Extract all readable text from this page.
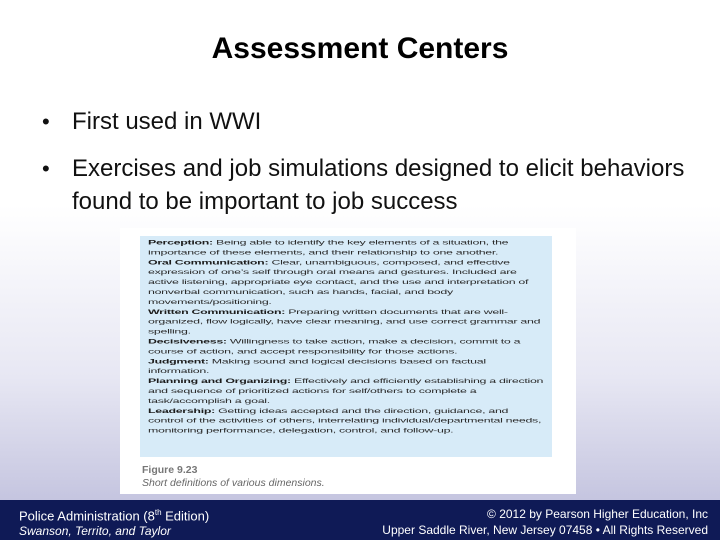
Assessment Centers
• First used in WWI
• Exercises and job simulations designed to elicit behaviors found to be important to job success
Perception: Being able to identify the key elements of a situation, the importance of these elements, and their relationship to one another.
Oral Communication: Clear, unambiguous, composed, and effective expression of one’s self through oral means and gestures. Included are active listening, appropriate eye contact, and the use and interpretation of nonverbal communication, such as hands, facial, and body movements/positioning.
Written Communication: Preparing written documents that are well-organized, flow logically, have clear meaning, and use correct grammar and spelling.
Decisiveness: Willingness to take action, make a decision, commit to a course of action, and accept responsibility for those actions.
Judgment: Making sound and logical decisions based on factual information.
Planning and Organizing: Effectively and efficiently establishing a direction and sequence of prioritized actions for self/others to complete a task/accomplish a goal.
Leadership: Getting ideas accepted and the direction, guidance, and control of the activities of others, interrelating individual/departmental needs, monitoring performance, delegation, control, and follow-up.
Figure 9.23
Short definitions of various dimensions.
Police Administration (8th Edition)
Swanson, Territo, and Taylor
© 2012 by Pearson Higher Education, Inc
Upper Saddle River, New Jersey 07458 • All Rights Reserved
